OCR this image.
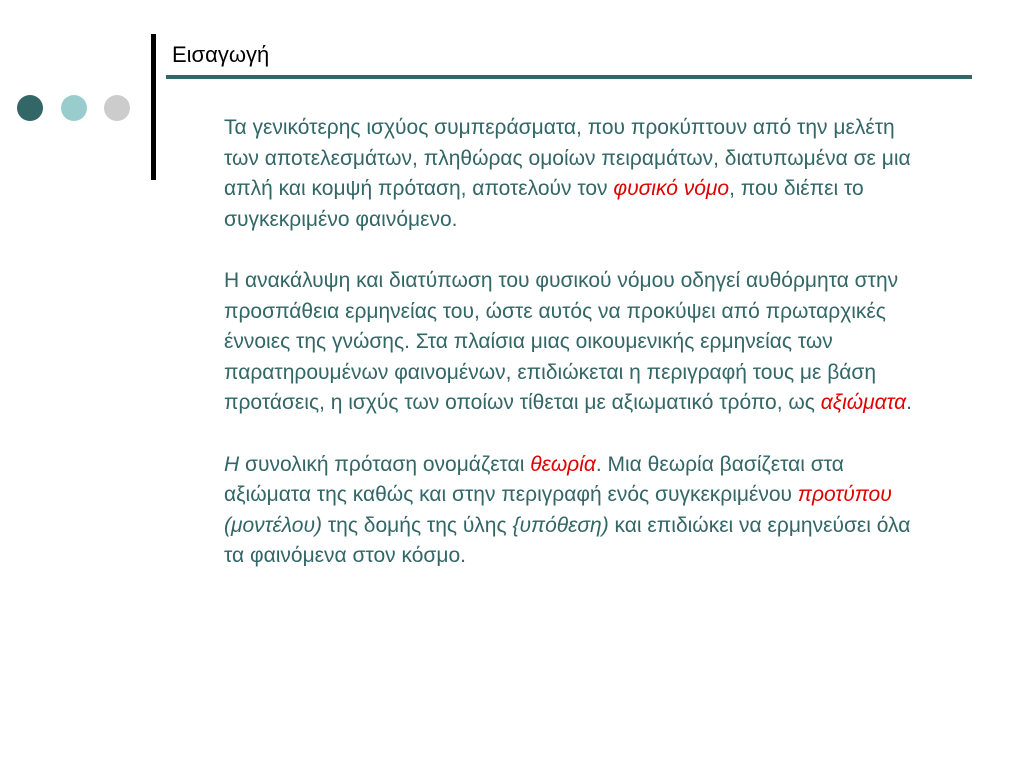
Εισαγωγή

Τα γενικότερης ισχύος συμπεράσματα, που προκύπτουν από την μελέτη των αποτελεσμάτων, πληθώρας ομοίων πειραμάτων, διατυπωμένα σε μια απλή και κομψή πρόταση, αποτελούν τον φυσικό νόμο, που διέπει το συγκεκριμένο φαινόμενο.

Η ανακάλυψη και διατύπωση του φυσικού νόμου οδηγεί αυθόρμητα στην προσπάθεια ερμηνείας του, ώστε αυτός να προκύψει από πρωταρχικές έννοιες της γνώσης. Στα πλαίσια μιας οικουμενικής ερμηνείας των παρατηρουμένων φαινομένων, επιδιώκεται η περιγραφή τους με βάση προτάσεις, η ισχύς των οποίων τίθεται με αξιωματικό τρόπο, ως αξιώματα.

Η συνολική πρόταση ονομάζεται θεωρία. Μια θεωρία βασίζεται στα αξιώματα της καθώς και στην περιγραφή ενός συγκεκριμένου προτύπου (μοντέλου) της δομής της ύλης {υπόθεση) και επιδιώκει να ερμηνεύσει όλα τα φαινόμενα στον κόσμο.
